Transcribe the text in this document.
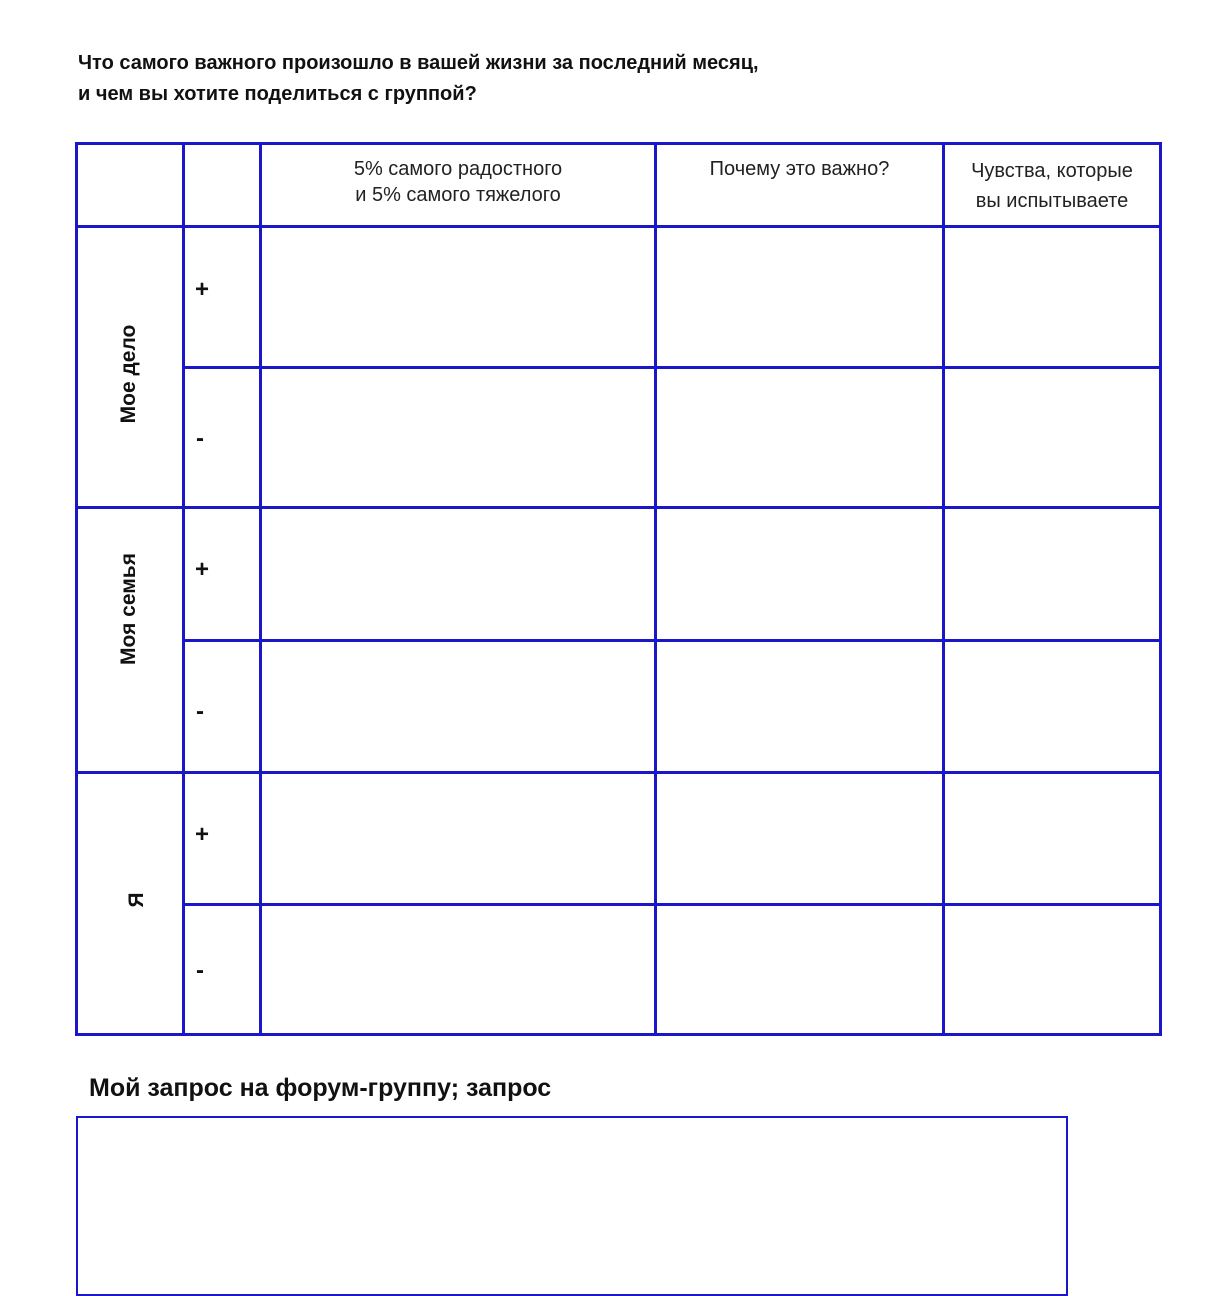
Что самого важного произошло в вашей жизни за последний месяц,
и чем вы хотите поделиться с группой?
5% самого радостного
и 5% самого тяжелого
Почему это важно?	Чувства, которые
вы испытываете
Мое дело
Моя семья
Я
+
-
+
-
+
-
Мой запрос на форум-группу; запрос
